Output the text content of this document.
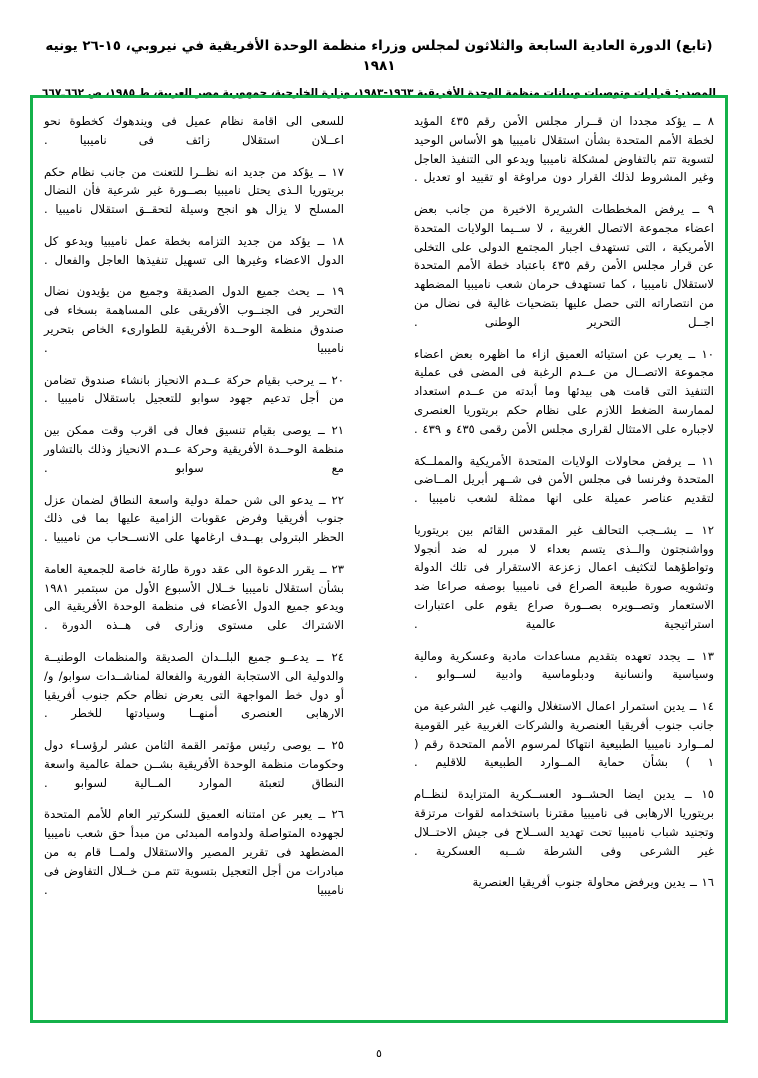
(تابع) الدورة العادية السابعة والثلاثون لمجلس وزراء منظمة الوحدة الأفريقية في نيروبي، ١٥-٢٦ يونيه ١٩٨١
المصدر: قرارات وتوصيات وبيانات منظمة الوحدة الأفريقية ١٩٦٣-١٩٨٣، وزارة الخارجية، جمهورية مصر العربية، ط ١٩٨٥، ص ٦٦٢ـ٦٦٧

للسعى الى اقامة نظام عميل فى ويندهوك كخطوة نحو اعــلان استقلال زائف فى ناميبيا .

١٧ ــ يؤكد من جديد انه نظــرا للتعنت من جانب نظام حكم بريتوريا الـذى يحتل ناميبيا بصــورة غير شرعية فأن النضال المسلح لا يزال هو انجح وسيلة لتحقــق استقلال ناميبيا .

١٨ ــ يؤكد من جديد التزامه بخطة عمل ناميبيا ويدعو كل الدول الاعضاء وغيرها الى تسهيل تنفيذها العاجل والفعال .

١٩ ــ يحث جميع الدول الصديقة وجميع من يؤيدون نضال التحرير فى الجنــوب الأفريقى على المساهمة بسخاء فى صندوق منظمة الوحــدة الأفريقية للطوارىء الخاص بتحرير ناميبيا .

٢٠ ــ يرحب بقيام حركة عــدم الانحياز بانشاء صندوق تضامن من أجل تدعيم جهود سوابو للتعجيل باستقلال ناميبيا .

٢١ ــ يوصى بقيام تنسيق فعال فى اقرب وقت ممكن بين منظمة الوحــدة الأفريقية وحركة عــدم الانحياز وذلك بالتشاور مع سوابو .

٢٢ ــ يدعو الى شن حملة دولية واسعة النطاق لضمان عزل جنوب أفريقيا وفرض عقوبات الزامية عليها بما فى ذلك الحظر البترولى بهــدف ارغامها على الانســحاب من ناميبيا .

٢٣ ــ يقرر الدعوة الى عقد دورة طارئة خاصة للجمعية العامة بشأن استقلال ناميبيا خــلال الأسبوع الأول من سبتمبر ١٩٨١ ويدعو جميع الدول الأعضاء فى منظمة الوحدة الأفريقية الى الاشتراك على مستوى وزارى فى هــذه الدورة .

٢٤ ــ يدعــو جميع البلــدان الصديقة والمنظمات الوطنيــة والدولية الى الاستجابة الفورية والفعالة لمناشــدات سوابو/ و/ أو دول خط المواجهة التى يعرض نظام حكم جنوب أفريقيا الارهابى العنصرى أمنهــا وسيادتها للخطر .

٢٥ ــ يوصى رئيس مؤتمر القمة الثامن عشر لرؤسـاء دول وحكومات منظمة الوحدة الأفريقية بشــن حملة عالمية واسعة النطاق لتعبئة الموارد المــالية لسوابو .

٢٦ ــ يعبر عن امتنانه العميق للسكرتير العام للأمم المتحدة لجهوده المتواصلة ولدوامه المبدئى من مبدأ حق شعب ناميبيا المضطهد فى تقرير المصير والاستقلال ولمــا قام به من مبادرات من أجل التعجيل بتسوية تتم مـن خــلال التفاوض فى ناميبيا .

٨ ــ يؤكد مجددا ان قــرار مجلس الأمن رقم ٤٣٥ المؤيد لخطة الأمم المتحدة بشأن استقلال ناميبيا هو الأساس الوحيد لتسوية تتم بالتفاوض لمشكلة ناميبيا ويدعو الى التنفيذ العاجل وغير المشروط لذلك القرار دون مراوغة او تقييد او تعديل .

٩ ــ يرفض المخططات الشريرة الاخيرة من جانب بعض اعضاء مجموعة الاتصال الغربية ، لا ســيما الولايات المتحدة الأمريكية ، التى تستهدف اجبار المجتمع الدولى على التخلى عن قرار مجلس الأمن رقم ٤٣٥ باعتباد خطة الأمم المتحدة لاستقلال ناميبيا ، كما تستهدف حرمان شعب ناميبيا المضطهد من انتصاراته التى حصل عليها بتضحيات غالية فى نضال من اجــل التحرير الوطنى .

١٠ ــ يعرب عن استيائه العميق ازاء ما اظهره بعض اعضاء مجموعة الاتصــال من عــدم الرغبة فى المضى فى عملية التنفيذ التى قامت هى بيدئها وما أبدته من عــدم استعداد لممارسة الضغط اللازم على نظام حكم بريتوريا العنصرى لاجباره على الامتثال لقرارى مجلس الأمن رقمى ٤٣٥ و ٤٣٩ .

١١ ــ يرفض محاولات الولايات المتحدة الأمريكية والمملــكة المتحدة وفرنسا فى مجلس الأمن فى شــهر أبريل المــاضى لتقديم عناصر عميلة على انها ممثلة لشعب ناميبيا .

١٢ ــ يشــجب التحالف غير المقدس القائم بين بريتوريا وواشنجتون والــذى يتسم بعداء لا مبرر له ضد أنجولا وتواطؤهما لتكثيف اعمال زعزعة الاستقرار فى تلك الدولة وتشويه صورة طبيعة الصراع فى ناميبيا بوصفه صراعا ضد الاستعمار وتصــويره بصــورة صراع يقوم على اعتبارات استراتيجية عالمية .

١٣ ــ يجدد تعهده بتقديم مساعدات مادية وعسكرية ومالية وسياسية وانسانية ودبلوماسية وادبية لســوابو .

١٤ ــ يدين استمرار اعمال الاستغلال والنهب غير الشرعية من جانب جنوب أفريقيا العنصرية والشركات الغربية غير القومية لمــوارد ناميبيا الطبيعية انتهاكا لمرسوم الأمم المتحدة رقم ( ١ ) بشأن حماية المــوارد الطبيعية للاقليم .

١٥ ــ يدين ايضا الحشــود العســكرية المتزايدة لنظــام بريتوريا الارهابى فى ناميبيا مقترنا باستخدامه لقوات مرتزقة وتجنيد شباب ناميبيا تحت تهديد الســلاح فى جيش الاحتــلال غير الشرعى وفى الشرطة شــبه العسكرية .

١٦ ــ يدين ويرفض محاولة جنوب أفريقيا العنصرية

٥
